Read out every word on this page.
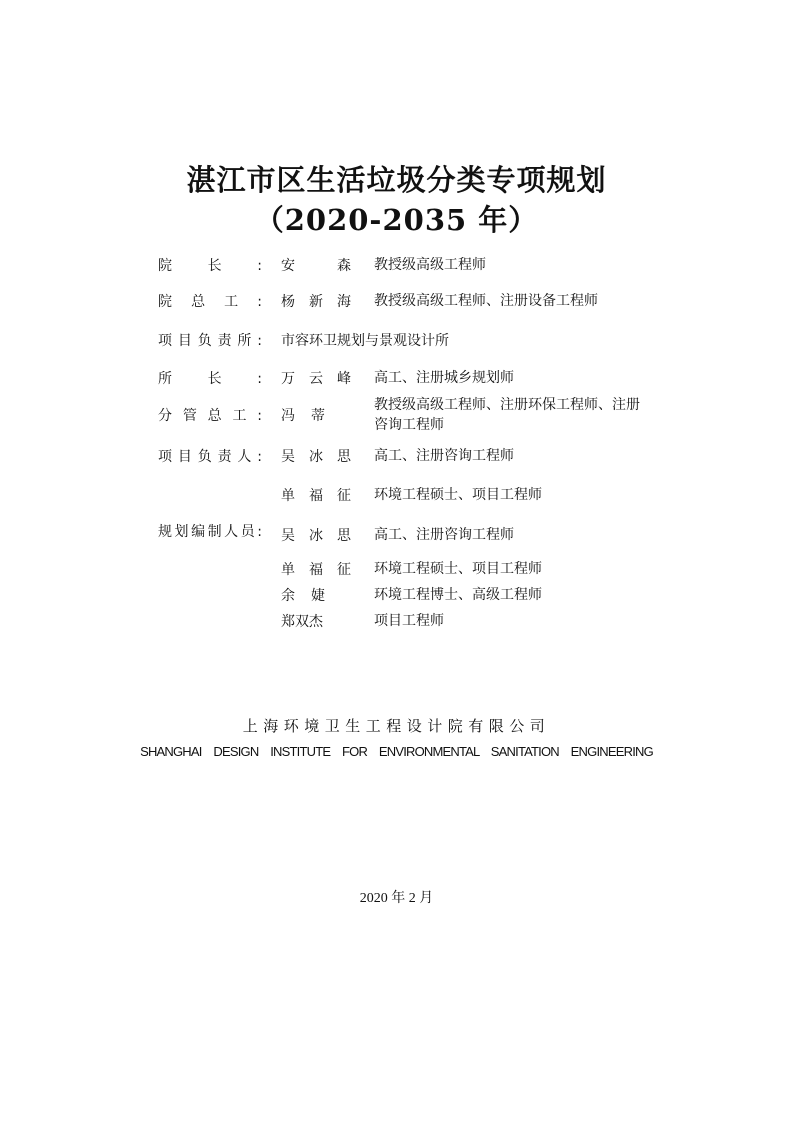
湛江市区生活垃圾分类专项规划
（2020-2035 年）
院长: 安森 教授级高级工程师
院总工: 杨新海 教授级高级工程师、注册设备工程师
项目负责所: 市容环卫规划与景观设计所
所长: 万云峰 高工、注册城乡规划师
分管总工: 冯蒂
教授级高级工程师、注册环保工程师、注册咨询工程师
项目负责人: 吴冰思 高工、注册咨询工程师
单福征 环境工程硕士、项目工程师
规划编制人员: 吴冰思 高工、注册咨询工程师
单福征 环境工程硕士、项目工程师
余婕	环境工程博士、高级工程师
郑双杰	项目工程师
上海环境卫生工程设计院有限公司
SHANGHAI DESIGN INSTITUTE FOR ENVIRONMENTAL SANITATION ENGINEERING
2020 年 2 月
